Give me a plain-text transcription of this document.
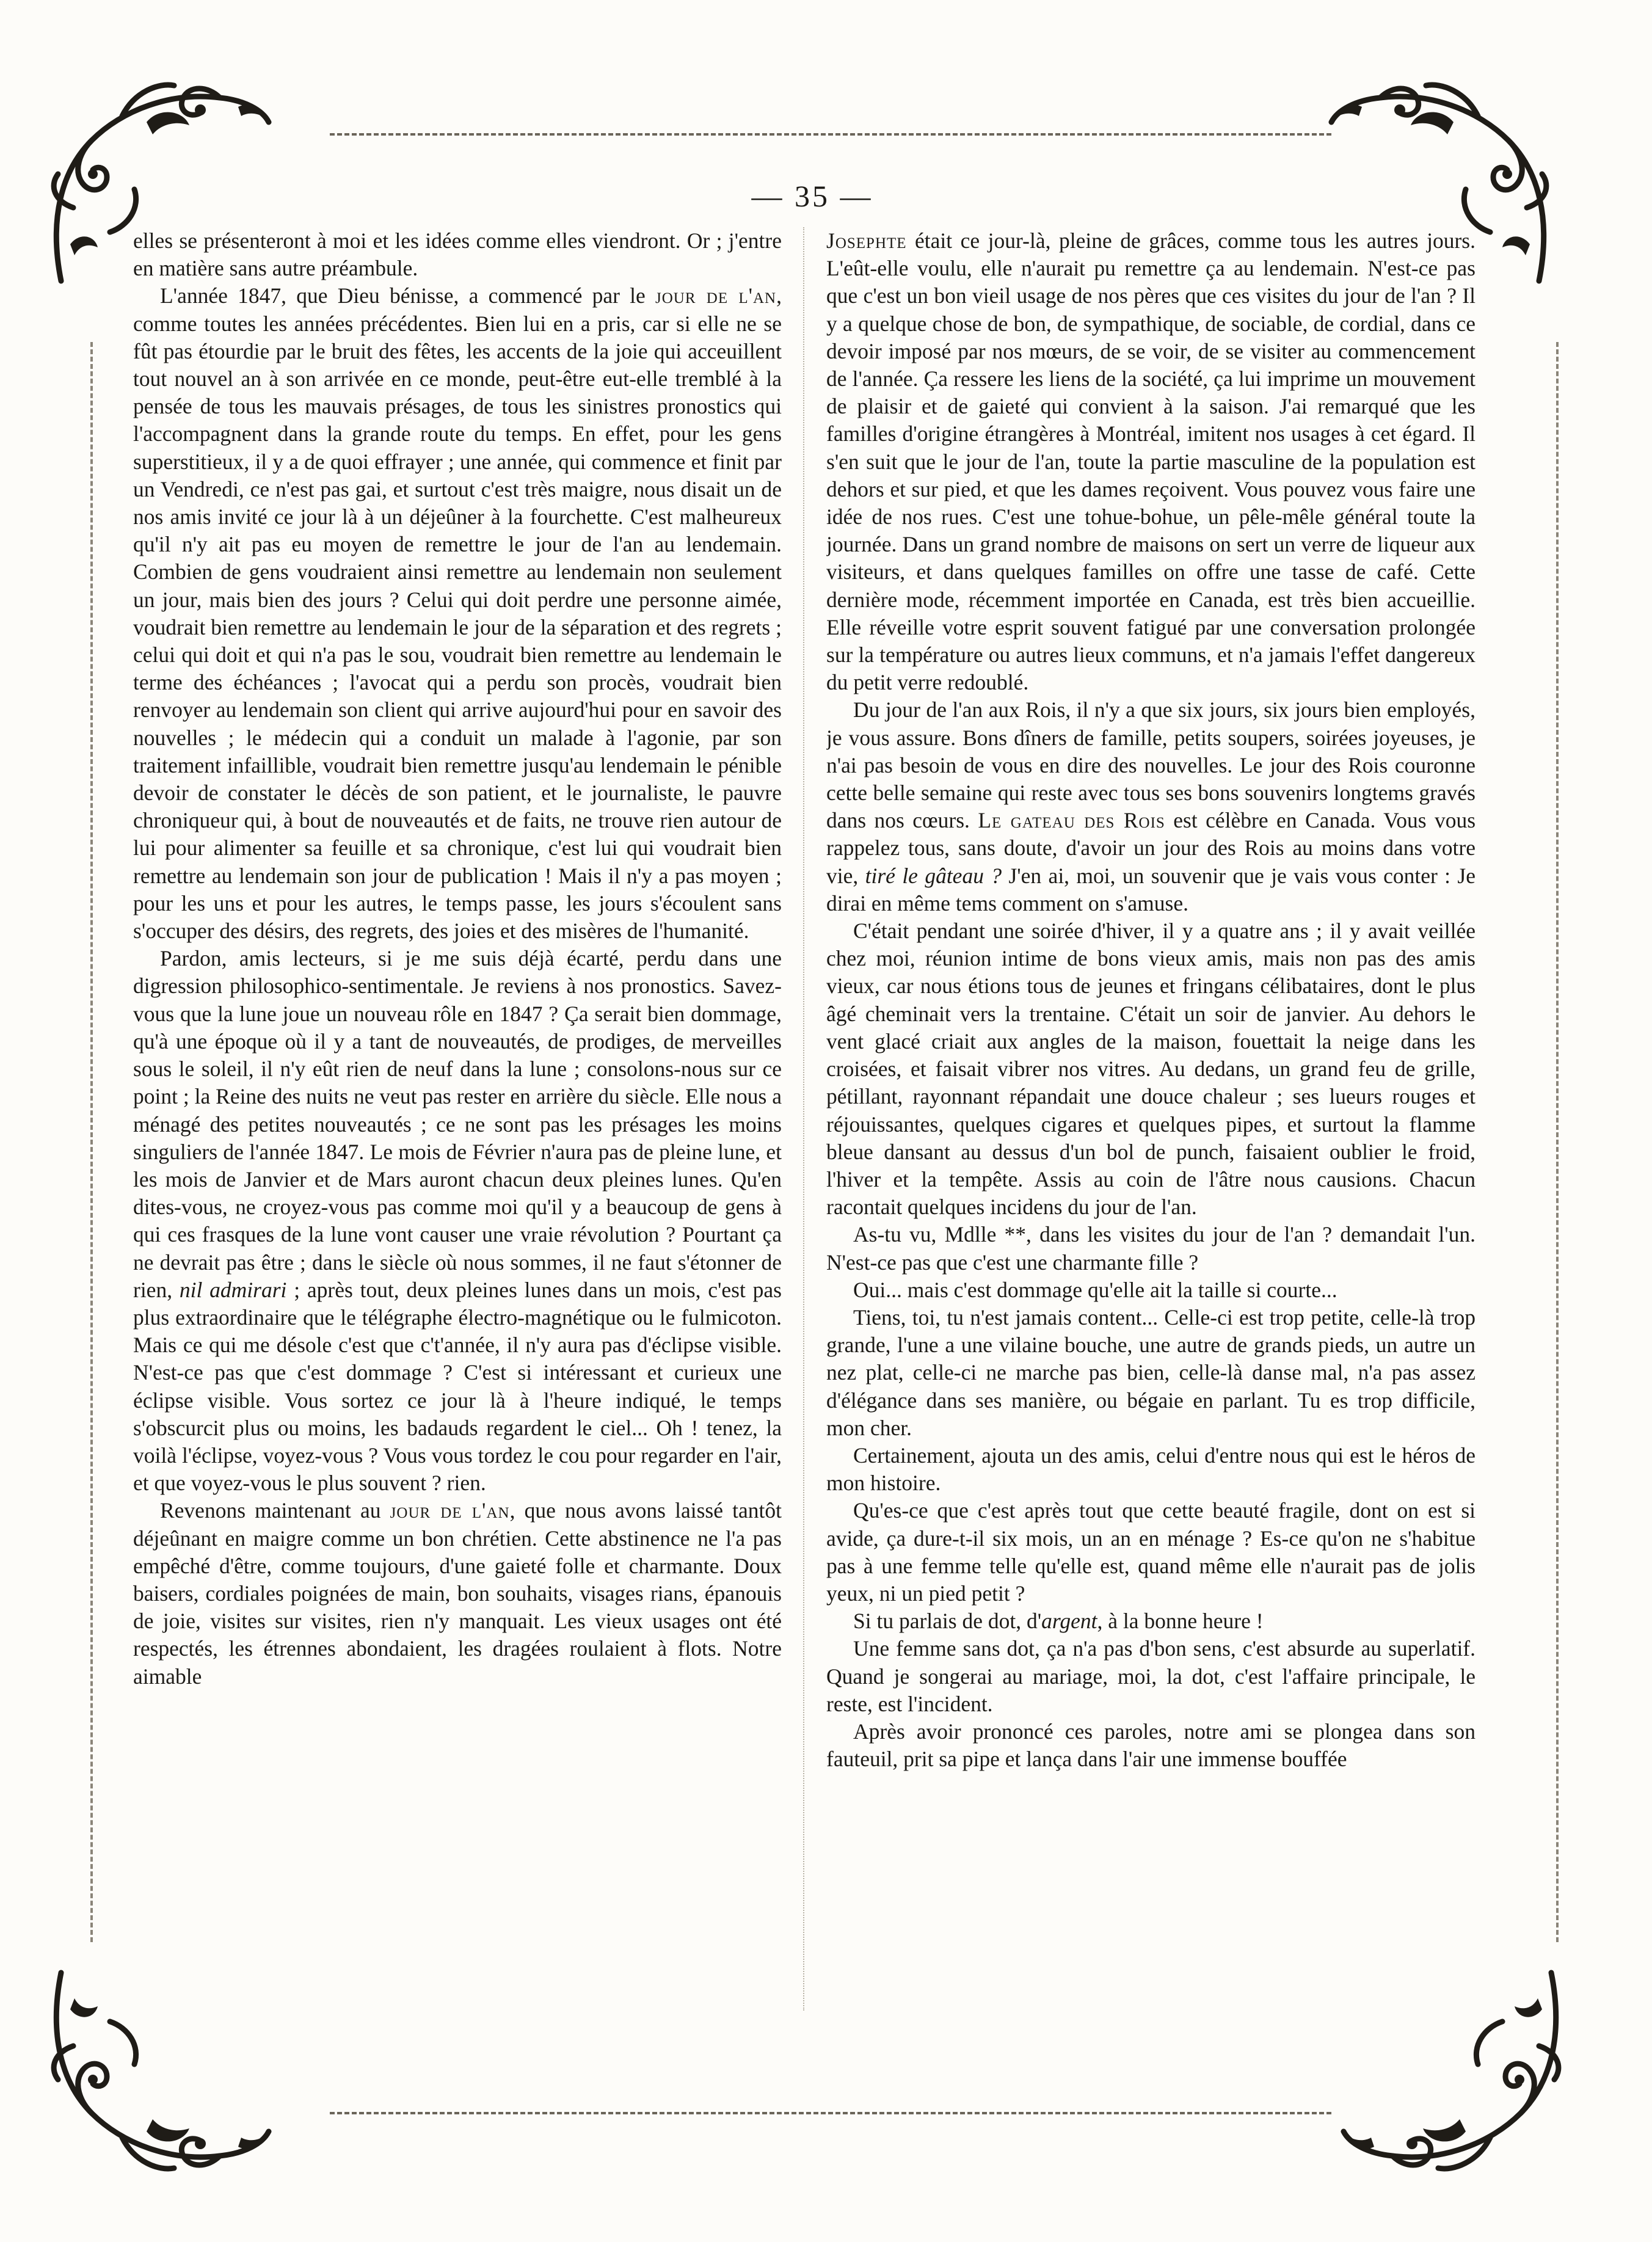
— 35 —

elles se présenteront à moi et les idées comme elles viendront. Or ; j'entre en matière sans autre préambule.

L'année 1847, que Dieu bénisse, a commencé par le jour de l'an, comme toutes les années précédentes. Bien lui en a pris, car si elle ne se fût pas étourdie par le bruit des fêtes, les accents de la joie qui acceuillent tout nouvel an à son arrivée en ce monde, peut-être eut-elle tremblé à la pensée de tous les mauvais présages, de tous les sinistres pronostics qui l'accompagnent dans la grande route du temps. En effet, pour les gens superstitieux, il y a de quoi effrayer ; une année, qui commence et finit par un Vendredi, ce n'est pas gai, et surtout c'est très maigre, nous disait un de nos amis invité ce jour là à un déjeûner à la fourchette. C'est malheureux qu'il n'y ait pas eu moyen de remettre le jour de l'an au lendemain. Combien de gens voudraient ainsi remettre au lendemain non seulement un jour, mais bien des jours ? Celui qui doit perdre une personne aimée, voudrait bien remettre au lendemain le jour de la séparation et des regrets ; celui qui doit et qui n'a pas le sou, voudrait bien remettre au lendemain le terme des échéances ; l'avocat qui a perdu son procès, voudrait bien renvoyer au lendemain son client qui arrive aujourd'hui pour en savoir des nouvelles ; le médecin qui a conduit un malade à l'agonie, par son traitement infaillible, voudrait bien remettre jusqu'au lendemain le pénible devoir de constater le décès de son patient, et le journaliste, le pauvre chroniqueur qui, à bout de nouveautés et de faits, ne trouve rien autour de lui pour alimenter sa feuille et sa chronique, c'est lui qui voudrait bien remettre au lendemain son jour de publication ! Mais il n'y a pas moyen ; pour les uns et pour les autres, le temps passe, les jours s'écoulent sans s'occuper des désirs, des regrets, des joies et des misères de l'humanité.

Pardon, amis lecteurs, si je me suis déjà écarté, perdu dans une digression philosophico-sentimentale. Je reviens à nos pronostics. Savez-vous que la lune joue un nouveau rôle en 1847 ? Ça serait bien dommage, qu'à une époque où il y a tant de nouveautés, de prodiges, de merveilles sous le soleil, il n'y eût rien de neuf dans la lune ; consolons-nous sur ce point ; la Reine des nuits ne veut pas rester en arrière du siècle. Elle nous a ménagé des petites nouveautés ; ce ne sont pas les présages les moins singuliers de l'année 1847. Le mois de Février n'aura pas de pleine lune, et les mois de Janvier et de Mars auront chacun deux pleines lunes. Qu'en dites-vous, ne croyez-vous pas comme moi qu'il y a beaucoup de gens à qui ces frasques de la lune vont causer une vraie révolution ? Pourtant ça ne devrait pas être ; dans le siècle où nous sommes, il ne faut s'étonner de rien, nil admirari ; après tout, deux pleines lunes dans un mois, c'est pas plus extraordinaire que le télégraphe électro-magnétique ou le fulmicoton. Mais ce qui me désole c'est que c't'année, il n'y aura pas d'éclipse visible. N'est-ce pas que c'est dommage ? C'est si intéressant et curieux une éclipse visible. Vous sortez ce jour là à l'heure indiqué, le temps s'obscurcit plus ou moins, les badauds regardent le ciel... Oh ! tenez, la voilà l'éclipse, voyez-vous ? Vous vous tordez le cou pour regarder en l'air, et que voyez-vous le plus souvent ? rien.

Revenons maintenant au jour de l'an, que nous avons laissé tantôt déjeûnant en maigre comme un bon chrétien. Cette abstinence ne l'a pas empêché d'être, comme toujours, d'une gaieté folle et charmante. Doux baisers, cordiales poignées de main, bon souhaits, visages rians, épanouis de joie, visites sur visites, rien n'y manquait. Les vieux usages ont été respectés, les étrennes abondaient, les dragées roulaient à flots. Notre aimable

Josephte était ce jour-là, pleine de grâces, comme tous les autres jours. L'eût-elle voulu, elle n'aurait pu remettre ça au lendemain. N'est-ce pas que c'est un bon vieil usage de nos pères que ces visites du jour de l'an ? Il y a quelque chose de bon, de sympathique, de sociable, de cordial, dans ce devoir imposé par nos mœurs, de se voir, de se visiter au commencement de l'année. Ça ressere les liens de la société, ça lui imprime un mouvement de plaisir et de gaieté qui convient à la saison. J'ai remarqué que les familles d'origine étrangères à Montréal, imitent nos usages à cet égard. Il s'en suit que le jour de l'an, toute la partie masculine de la population est dehors et sur pied, et que les dames reçoivent. Vous pouvez vous faire une idée de nos rues. C'est une tohue-bohue, un pêle-mêle général toute la journée. Dans un grand nombre de maisons on sert un verre de liqueur aux visiteurs, et dans quelques familles on offre une tasse de café. Cette dernière mode, récemment importée en Canada, est très bien accueillie. Elle réveille votre esprit souvent fatigué par une conversation prolongée sur la température ou autres lieux communs, et n'a jamais l'effet dangereux du petit verre redoublé.

Du jour de l'an aux Rois, il n'y a que six jours, six jours bien employés, je vous assure. Bons dîners de famille, petits soupers, soirées joyeuses, je n'ai pas besoin de vous en dire des nouvelles. Le jour des Rois couronne cette belle semaine qui reste avec tous ses bons souvenirs longtems gravés dans nos cœurs. Le gateau des Rois est célèbre en Canada. Vous vous rappelez tous, sans doute, d'avoir un jour des Rois au moins dans votre vie, tiré le gâteau ? J'en ai, moi, un souvenir que je vais vous conter : Je dirai en même tems comment on s'amuse.

C'était pendant une soirée d'hiver, il y a quatre ans ; il y avait veillée chez moi, réunion intime de bons vieux amis, mais non pas des amis vieux, car nous étions tous de jeunes et fringans célibataires, dont le plus âgé cheminait vers la trentaine. C'était un soir de janvier. Au dehors le vent glacé criait aux angles de la maison, fouettait la neige dans les croisées, et faisait vibrer nos vitres. Au dedans, un grand feu de grille, pétillant, rayonnant répandait une douce chaleur ; ses lueurs rouges et réjouissantes, quelques cigares et quelques pipes, et surtout la flamme bleue dansant au dessus d'un bol de punch, faisaient oublier le froid, l'hiver et la tempête. Assis au coin de l'âtre nous causions. Chacun racontait quelques incidens du jour de l'an.

As-tu vu, Mdlle **, dans les visites du jour de l'an ? demandait l'un. N'est-ce pas que c'est une charmante fille ?

Oui... mais c'est dommage qu'elle ait la taille si courte...

Tiens, toi, tu n'est jamais content... Celle-ci est trop petite, celle-là trop grande, l'une a une vilaine bouche, une autre de grands pieds, un autre un nez plat, celle-ci ne marche pas bien, celle-là danse mal, n'a pas assez d'élégance dans ses manière, ou bégaie en parlant. Tu es trop difficile, mon cher.

Certainement, ajouta un des amis, celui d'entre nous qui est le héros de mon histoire.

Qu'es-ce que c'est après tout que cette beauté fragile, dont on est si avide, ça dure-t-il six mois, un an en ménage ? Es-ce qu'on ne s'habitue pas à une femme telle qu'elle est, quand même elle n'aurait pas de jolis yeux, ni un pied petit ?

Si tu parlais de dot, d'argent, à la bonne heure !

Une femme sans dot, ça n'a pas d'bon sens, c'est absurde au superlatif. Quand je songerai au mariage, moi, la dot, c'est l'affaire principale, le reste, est l'incident.

Après avoir prononcé ces paroles, notre ami se plongea dans son fauteuil, prit sa pipe et lança dans l'air une immense bouffée
